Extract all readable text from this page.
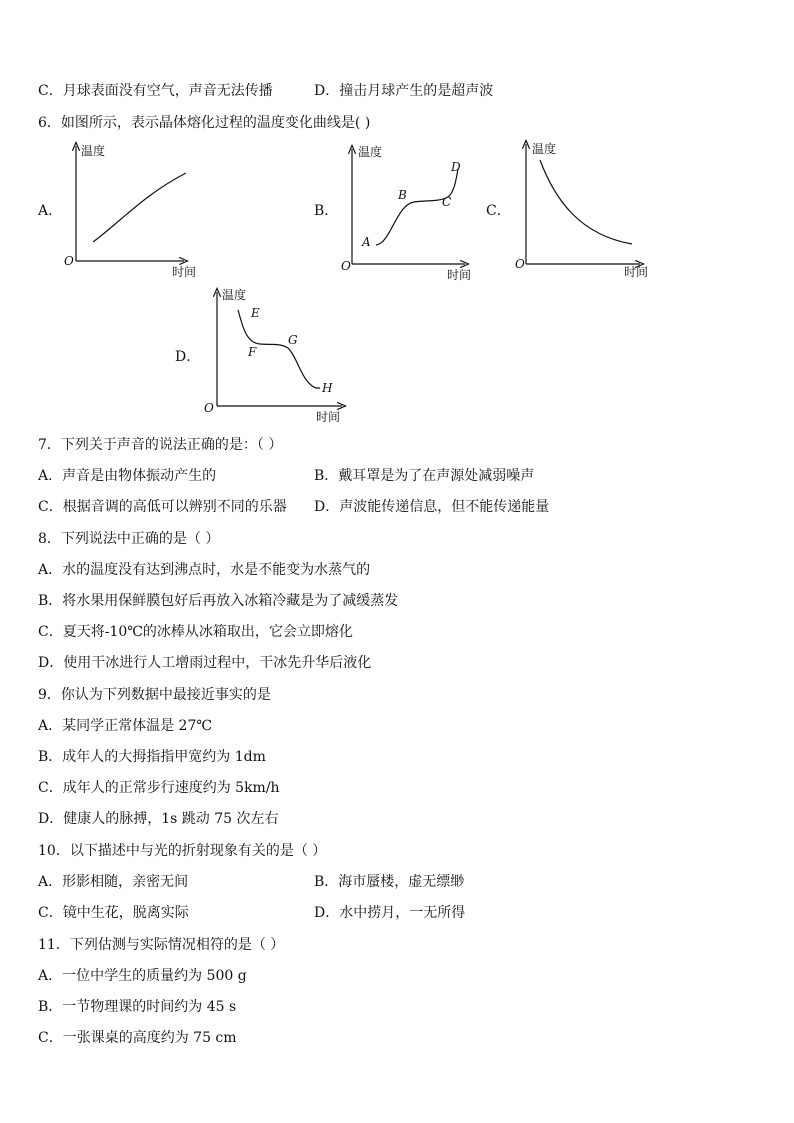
C．月球表面没有空气，声音无法传播	D．撞击月球产生的是超声波
6．如图所示，表示晶体熔化过程的温度变化曲线是( )
A．
温度
时间
O
B．
温度
时间
O
A
B	C
D
C．
温度
时间
O
D．
温度
时间
O
E
F
G
H
7．下列关于声音的说法正确的是：（ ）
A．声音是由物体振动产生的	B．戴耳罩是为了在声源处减弱噪声
C．根据音调的高低可以辨别不同的乐器 D．声波能传递信息，但不能传递能量
8．下列说法中正确的是（ ）
A．水的温度没有达到沸点时，水是不能变为水蒸气的
B．将水果用保鲜膜包好后再放入冰箱冷藏是为了减缓蒸发
C．夏天将-10℃的冰棒从冰箱取出，它会立即熔化
D．使用干冰进行人工增雨过程中，干冰先升华后液化
9．你认为下列数据中最接近事实的是
A．某同学正常体温是 27℃
B．成年人的大拇指指甲宽约为 1dm
C．成年人的正常步行速度约为 5km/h
D．健康人的脉搏，1s 跳动 75 次左右
10．以下描述中与光的折射现象有关的是（ ）
A．形影相随，亲密无间	B．海市蜃楼，虚无缥缈
C．镜中生花，脱离实际	D．水中捞月，一无所得
11．下列估测与实际情况相符的是（ ）
A．一位中学生的质量约为 500 g
B．一节物理课的时间约为 45 s
C．一张课桌的高度约为 75 cm
